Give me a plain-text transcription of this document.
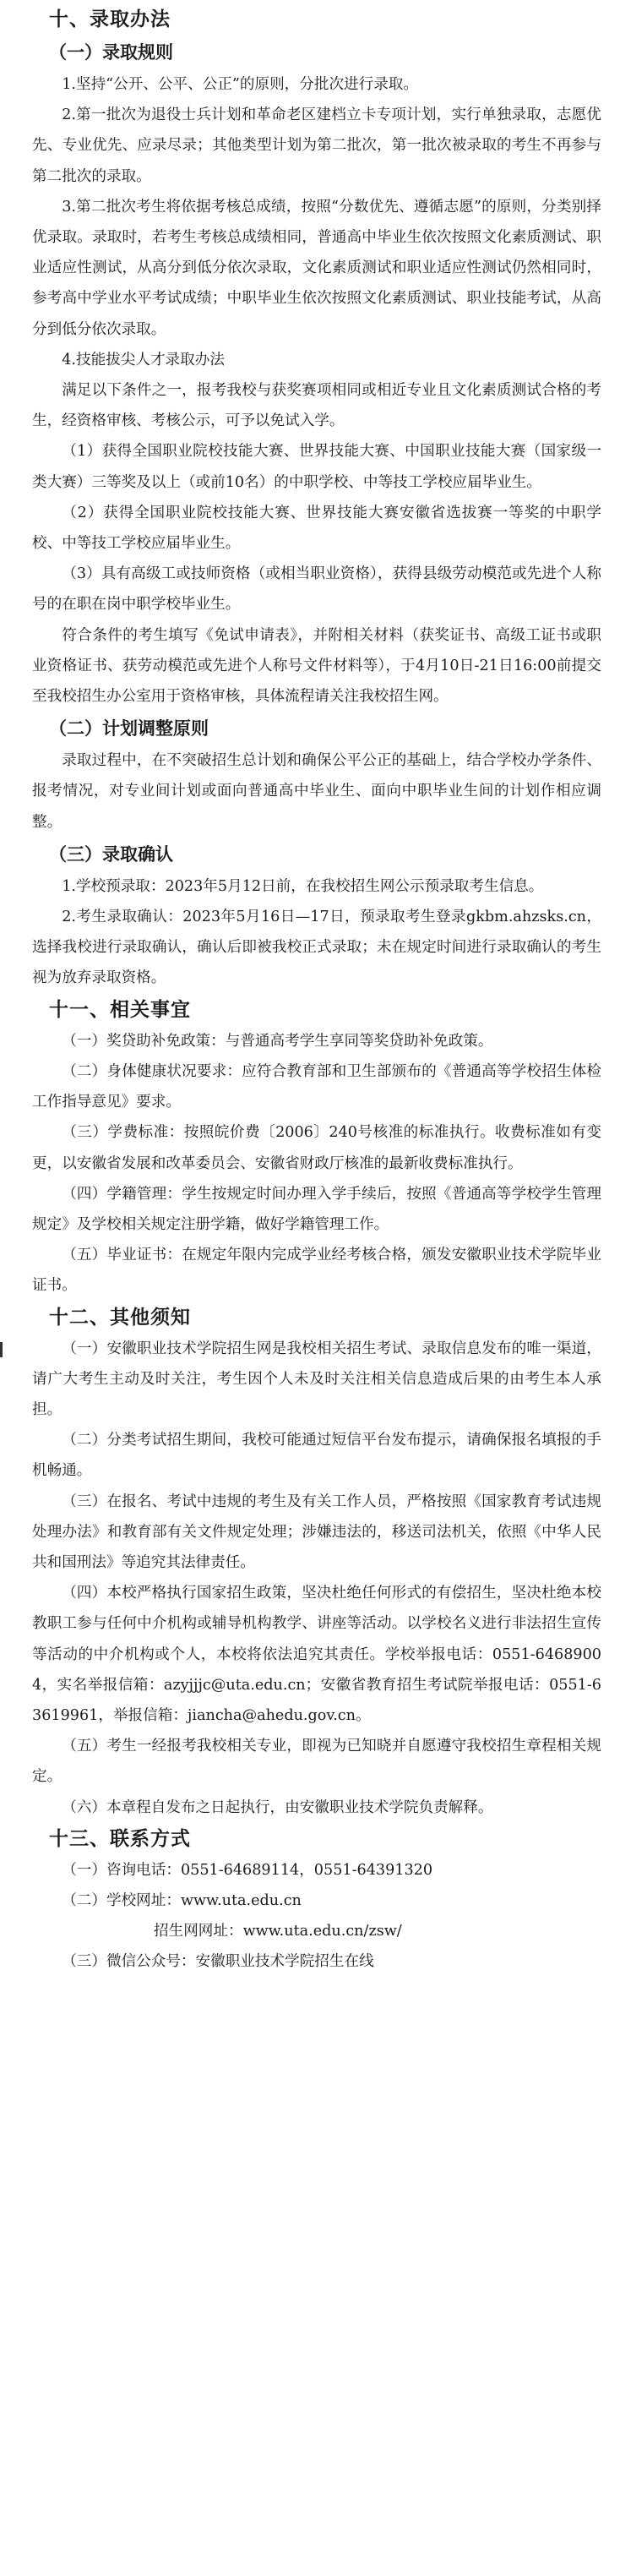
十、录取办法
（一）录取规则
1.坚持“公开、公平、公正”的原则，分批次进行录取。
2.第一批次为退役士兵计划和革命老区建档立卡专项计划，实行单独录取，志愿优先、专业优先、应录尽录；其他类型计划为第二批次，第一批次被录取的考生不再参与第二批次的录取。
3.第二批次考生将依据考核总成绩，按照“分数优先、遵循志愿”的原则，分类别择优录取。录取时，若考生考核总成绩相同，普通高中毕业生依次按照文化素质测试、职业适应性测试，从高分到低分依次录取，文化素质测试和职业适应性测试仍然相同时，参考高中学业水平考试成绩；中职毕业生依次按照文化素质测试、职业技能考试，从高分到低分依次录取。
4.技能拔尖人才录取办法
满足以下条件之一，报考我校与获奖赛项相同或相近专业且文化素质测试合格的考生，经资格审核、考核公示，可予以免试入学。
（1）获得全国职业院校技能大赛、世界技能大赛、中国职业技能大赛（国家级一类大赛）三等奖及以上（或前10名）的中职学校、中等技工学校应届毕业生。
（2）获得全国职业院校技能大赛、世界技能大赛安徽省选拔赛一等奖的中职学校、中等技工学校应届毕业生。
（3）具有高级工或技师资格（或相当职业资格），获得县级劳动模范或先进个人称号的在职在岗中职学校毕业生。
符合条件的考生填写《免试申请表》，并附相关材料（获奖证书、高级工证书或职业资格证书、获劳动模范或先进个人称号文件材料等），于4月10日-21日16:00前提交至我校招生办公室用于资格审核，具体流程请关注我校招生网。
（二）计划调整原则
录取过程中，在不突破招生总计划和确保公平公正的基础上，结合学校办学条件、报考情况，对专业间计划或面向普通高中毕业生、面向中职毕业生间的计划作相应调整。
（三）录取确认
1.学校预录取：2023年5月12日前，在我校招生网公示预录取考生信息。
2.考生录取确认：2023年5月16日—17日，预录取考生登录gkbm.ahzsks.cn，选择我校进行录取确认，确认后即被我校正式录取；未在规定时间进行录取确认的考生视为放弃录取资格。
十一、相关事宜
（一）奖贷助补免政策：与普通高考学生享同等奖贷助补免政策。
（二）身体健康状况要求：应符合教育部和卫生部颁布的《普通高等学校招生体检工作指导意见》要求。
（三）学费标准：按照皖价费〔2006〕240号核准的标准执行。收费标准如有变更，以安徽省发展和改革委员会、安徽省财政厅核准的最新收费标准执行。
（四）学籍管理：学生按规定时间办理入学手续后，按照《普通高等学校学生管理规定》及学校相关规定注册学籍，做好学籍管理工作。
（五）毕业证书：在规定年限内完成学业经考核合格，颁发安徽职业技术学院毕业证书。
十二、其他须知
（一）安徽职业技术学院招生网是我校相关招生考试、录取信息发布的唯一渠道，请广大考生主动及时关注，考生因个人未及时关注相关信息造成后果的由考生本人承担。
（二）分类考试招生期间，我校可能通过短信平台发布提示，请确保报名填报的手机畅通。
（三）在报名、考试中违规的考生及有关工作人员，严格按照《国家教育考试违规处理办法》和教育部有关文件规定处理；涉嫌违法的，移送司法机关，依照《中华人民共和国刑法》等追究其法律责任。
（四）本校严格执行国家招生政策，坚决杜绝任何形式的有偿招生，坚决杜绝本校教职工参与任何中介机构或辅导机构教学、讲座等活动。以学校名义进行非法招生宣传等活动的中介机构或个人，本校将依法追究其责任。学校举报电话：0551-64689004，实名举报信箱：azyjjjc@uta.edu.cn；安徽省教育招生考试院举报电话：0551-63619961，举报信箱：jiancha@ahedu.gov.cn。
（五）考生一经报考我校相关专业，即视为已知晓并自愿遵守我校招生章程相关规定。
（六）本章程自发布之日起执行，由安徽职业技术学院负责解释。
十三、联系方式
（一）咨询电话：0551-64689114，0551-64391320
（二）学校网址：www.uta.edu.cn
招生网网址：www.uta.edu.cn/zsw/
（三）微信公众号：安徽职业技术学院招生在线
